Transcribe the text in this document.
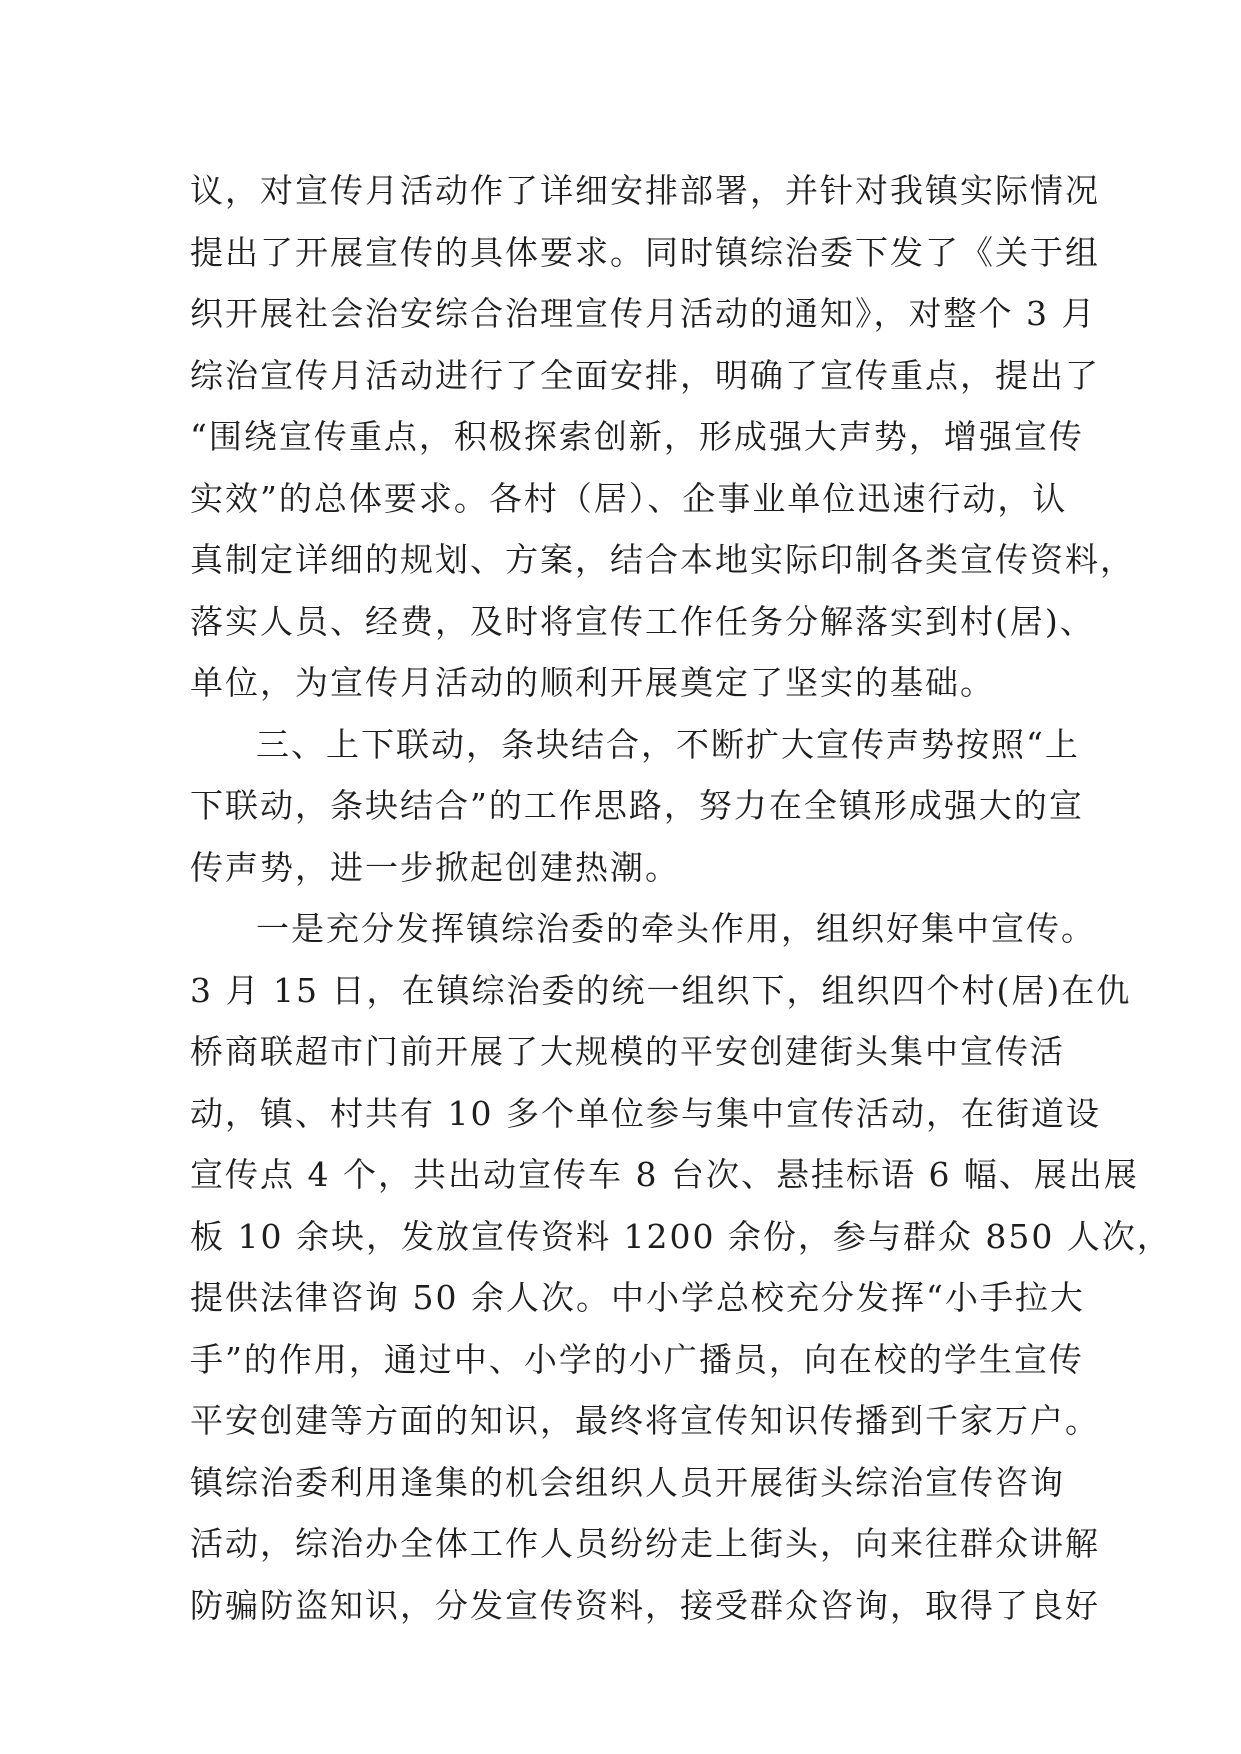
议，对宣传月活动作了详细安排部署，并针对我镇实际情况
提出了开展宣传的具体要求。同时镇综治委下发了《关于组
织开展社会治安综合治理宣传月活动的通知》，对整个 3 月
综治宣传月活动进行了全面安排，明确了宣传重点，提出了
“围绕宣传重点，积极探索创新，形成强大声势，增强宣传
实效”的总体要求。各村（居）、企事业单位迅速行动，认
真制定详细的规划、方案，结合本地实际印制各类宣传资料，
落实人员、经费，及时将宣传工作任务分解落实到村(居)、
单位，为宣传月活动的顺利开展奠定了坚实的基础。
三、上下联动，条块结合，不断扩大宣传声势按照“上
下联动，条块结合”的工作思路，努力在全镇形成强大的宣
传声势，进一步掀起创建热潮。
一是充分发挥镇综治委的牵头作用，组织好集中宣传。
3 月 15 日，在镇综治委的统一组织下，组织四个村(居)在仇
桥商联超市门前开展了大规模的平安创建街头集中宣传活
动，镇、村共有 10 多个单位参与集中宣传活动，在街道设
宣传点 4 个，共出动宣传车 8 台次、悬挂标语 6 幅、展出展
板 10 余块，发放宣传资料 1200 余份，参与群众 850 人次，
提供法律咨询 50 余人次。中小学总校充分发挥“小手拉大
手”的作用，通过中、小学的小广播员，向在校的学生宣传
平安创建等方面的知识，最终将宣传知识传播到千家万户。
镇综治委利用逢集的机会组织人员开展街头综治宣传咨询
活动，综治办全体工作人员纷纷走上街头，向来往群众讲解
防骗防盗知识，分发宣传资料，接受群众咨询，取得了良好
